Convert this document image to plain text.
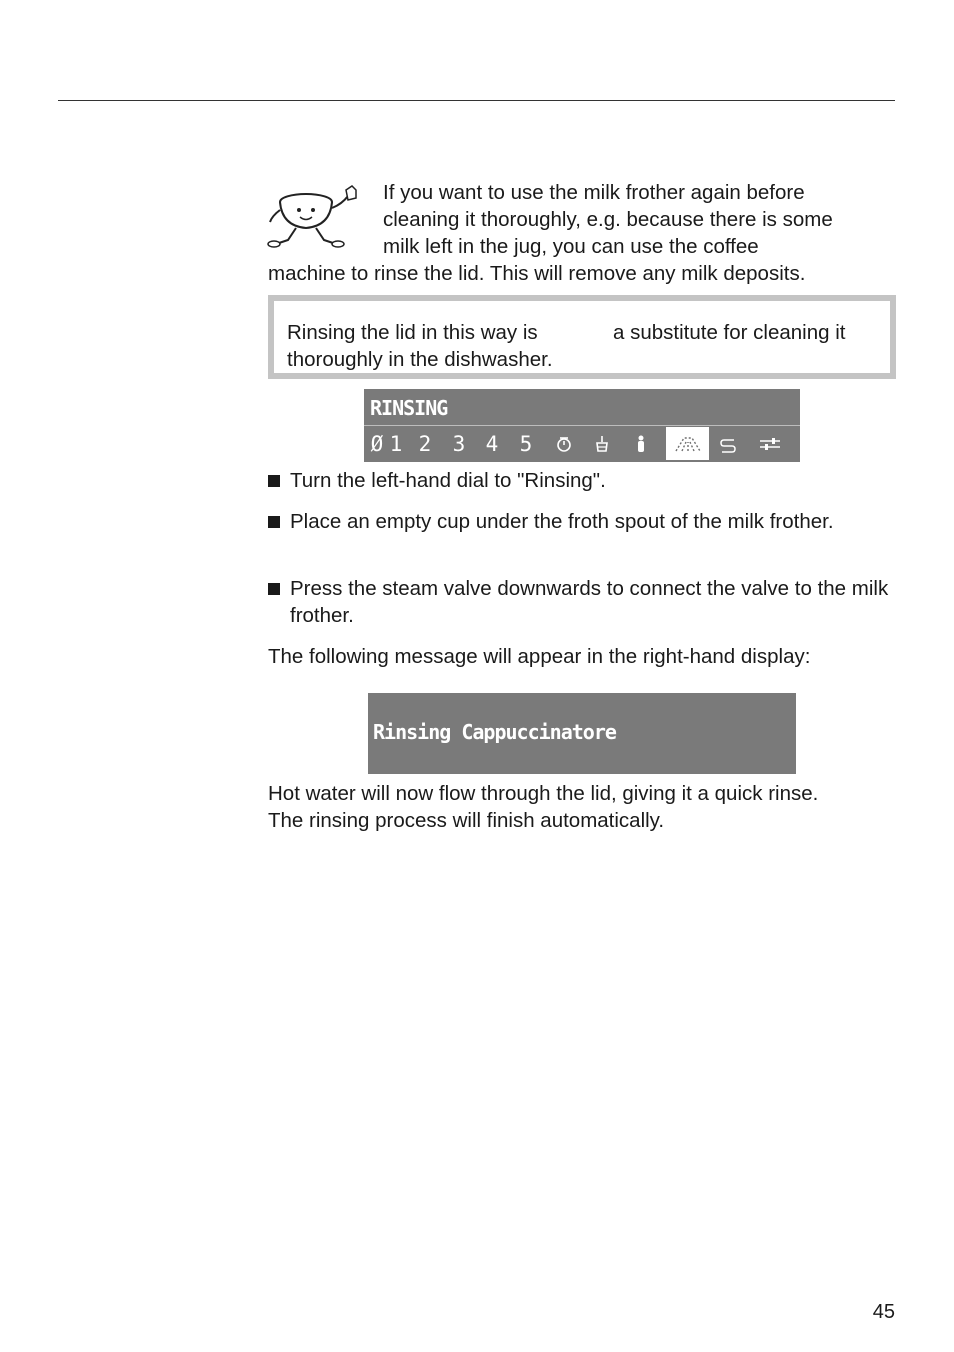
If you want to use the milk frother again before
cleaning it thoroughly, e.g. because there is some
milk left in the jug, you can use the coffee
machine to rinse the lid. This will remove any milk deposits.
Rinsing the lid in this way is	a substitute for cleaning it
thoroughly in the dishwasher.
RINSING
Ø 1 2 3 4 5
Turn the left-hand dial to "Rinsing".
Place an empty cup under the froth spout of the milk frother.
Press the steam valve downwards to connect the valve to the milk frother.
The following message will appear in the right-hand display:
Rinsing Cappuccinatore
Hot water will now flow through the lid, giving it a quick rinse.
The rinsing process will finish automatically.
45
